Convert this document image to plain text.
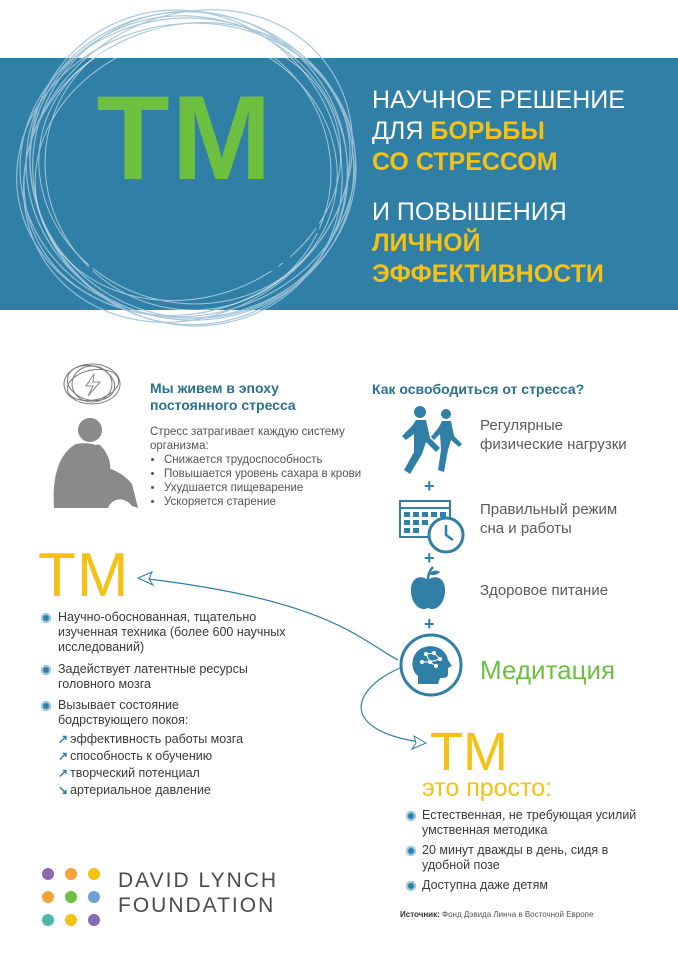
ТМ
ТРАНСЦЕНДЕНТАЛЬНАЯ
МЕДИТАЦИЯ
НАУЧНОЕ РЕШЕНИЕ
ДЛЯ БОРЬБЫ
СО СТРЕССОМ
И ПОВЫШЕНИЯ
ЛИЧНОЙ
ЭФФЕКТИВНОСТИ
Мы живем в эпоху постоянного стресса
Стресс затрагивает каждую систему организма:
• Снижается трудоспособность
• Повышается уровень сахара в крови
• Ухудшается пищеварение
• Ускоряется старение
Как освободиться от стресса?
+
+
+
Регулярные физические нагрузки
Правильный режим сна и работы
Здоровое питание
Медитация
ТМ
Научно-обоснованная, тщательно изученная техника (более 600 научных исследований)
Задействует латентные ресурсы головного мозга
Вызывает состояние бодрствующего покоя:
↗ эффективность работы мозга
↗ способность к обучению
↗ творческий потенциал
↘ артериальное давление
ТМ
это просто:
Естественная, не требующая усилий умственная методика
20 минут дважды в день, сидя в удобной позе
Доступна даже детям
Источник: Фонд Дэвида Линча в Восточной Европе
DAVID LYNCH
FOUNDATION
